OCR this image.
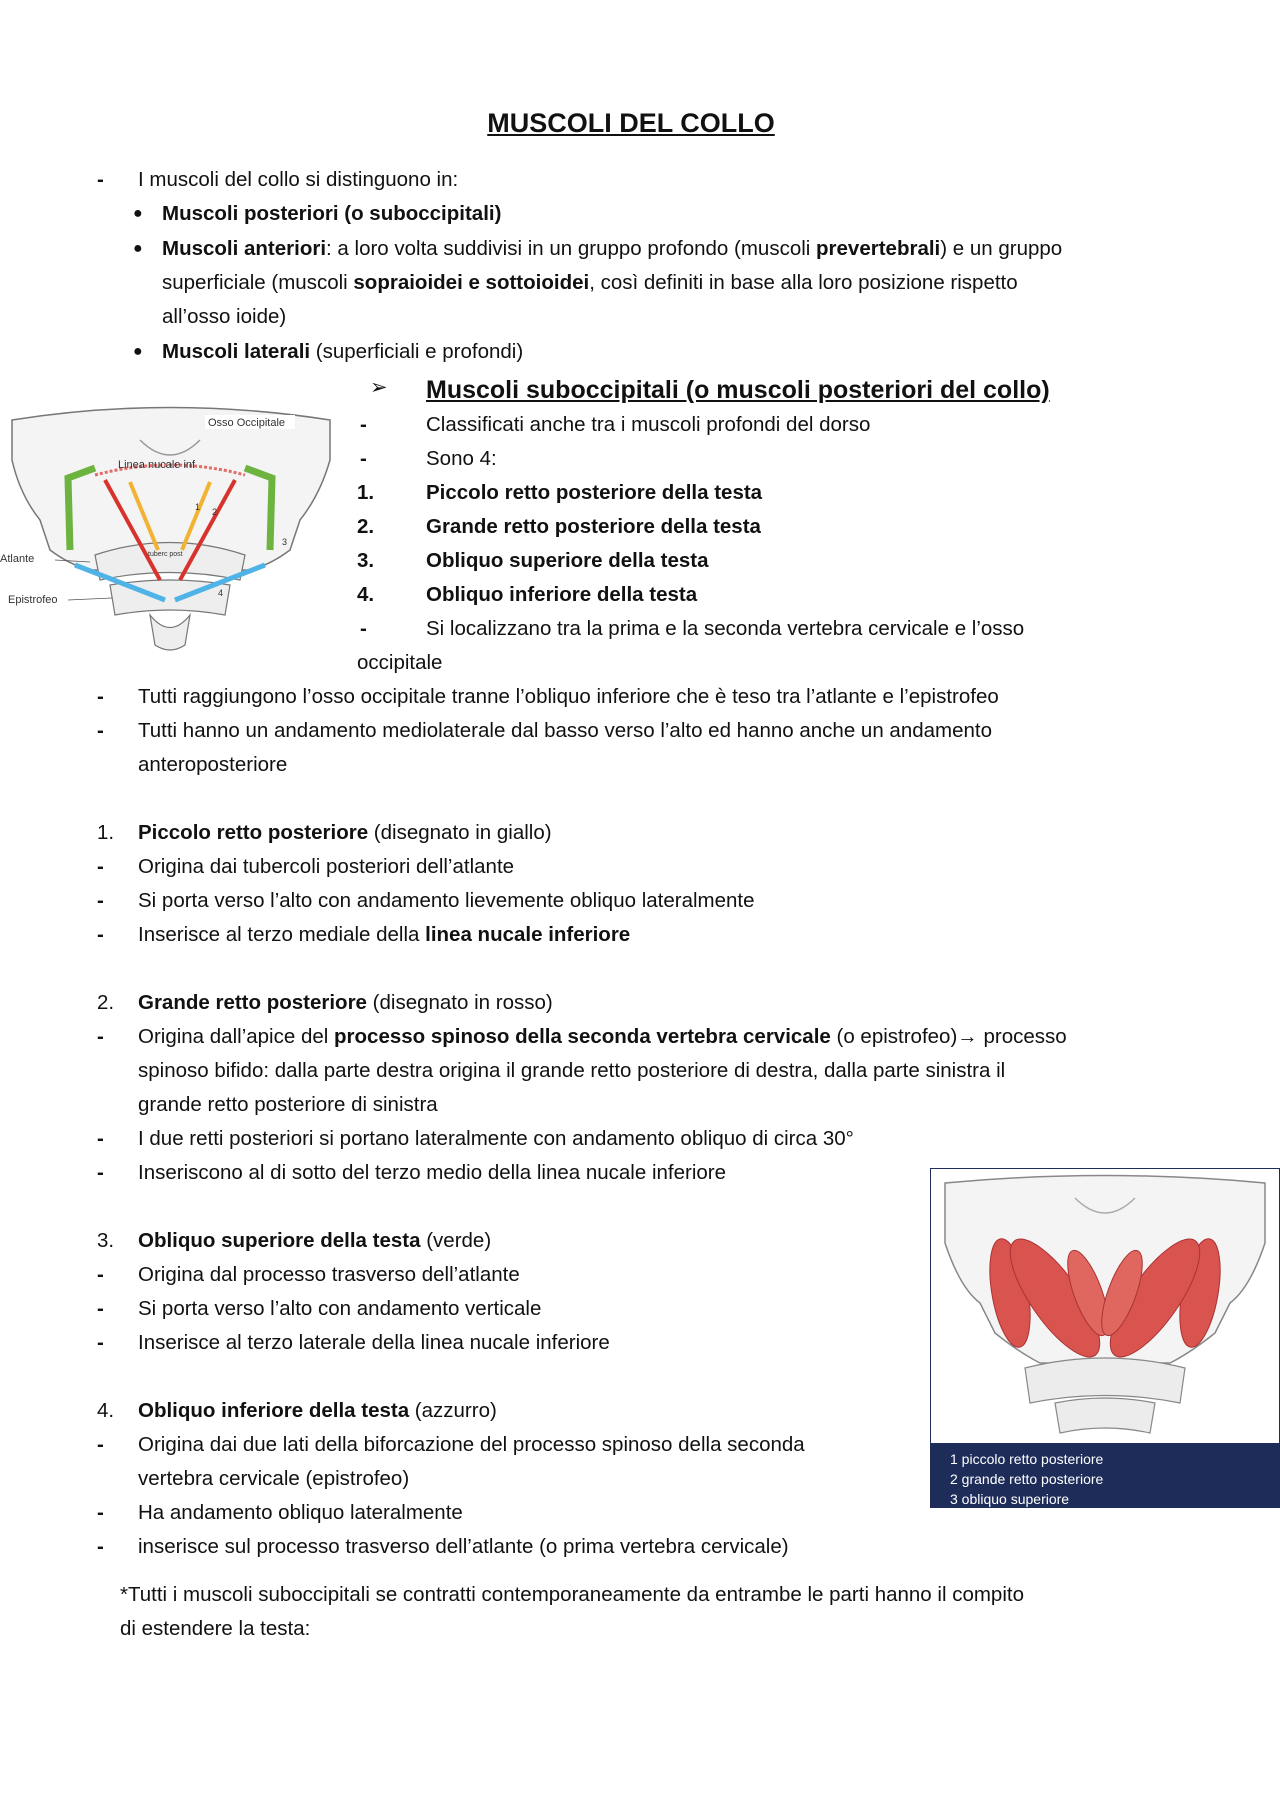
MUSCOLI DEL COLLO
- I muscoli del collo si distinguono in:
● Muscoli posteriori (o suboccipitali)
● Muscoli anteriori: a loro volta suddivisi in un gruppo profondo (muscoli prevertebrali) e un gruppo
superficiale (muscoli sopraioidei e sottoioidei, così definiti in base alla loro posizione rispetto
all’osso ioide)
● Muscoli laterali (superficiali e profondi)
Osso Occipitale
Linea nucale inf
Atlante
Epistrofeo
tuberc post
1 2
3
4
➢ Muscoli suboccipitali (o muscoli posteriori del collo)
-	Classificati anche tra i muscoli profondi del dorso
-	Sono 4:
1.	Piccolo retto posteriore della testa
2.	Grande retto posteriore della testa
3.	Obliquo superiore della testa
4.	Obliquo inferiore della testa
-	Si localizzano tra la prima e la seconda vertebra cervicale e l’osso
occipitale
- Tutti raggiungono l’osso occipitale tranne l’obliquo inferiore che è teso tra l’atlante e l’epistrofeo
- Tutti hanno un andamento mediolaterale dal basso verso l’alto ed hanno anche un andamento
anteroposteriore
1. Piccolo retto posteriore (disegnato in giallo)
- Origina dai tubercoli posteriori dell’atlante
- Si porta verso l’alto con andamento lievemente obliquo lateralmente
- Inserisce al terzo mediale della linea nucale inferiore
2. Grande retto posteriore (disegnato in rosso)
- Origina dall’apice del processo spinoso della seconda vertebra cervicale (o epistrofeo)→ processo
spinoso bifido: dalla parte destra origina il grande retto posteriore di destra, dalla parte sinistra il
grande retto posteriore di sinistra
- I due retti posteriori si portano lateralmente con andamento obliquo di circa 30°
- Inseriscono al di sotto del terzo medio della linea nucale inferiore
3. Obliquo superiore della testa (verde)
- Origina dal processo trasverso dell’atlante
- Si porta verso l’alto con andamento verticale
- Inserisce al terzo laterale della linea nucale inferiore
4. Obliquo inferiore della testa (azzurro)
- Origina dai due lati della biforcazione del processo spinoso della seconda
vertebra cervicale (epistrofeo)
- Ha andamento obliquo lateralmente
- inserisce sul processo trasverso dell’atlante (o prima vertebra cervicale)
*Tutti i muscoli suboccipitali se contratti contemporaneamente da entrambe le parti hanno il compito
di estendere la testa:
1 piccolo retto posteriore
2 grande retto posteriore
3 obliquo superiore
